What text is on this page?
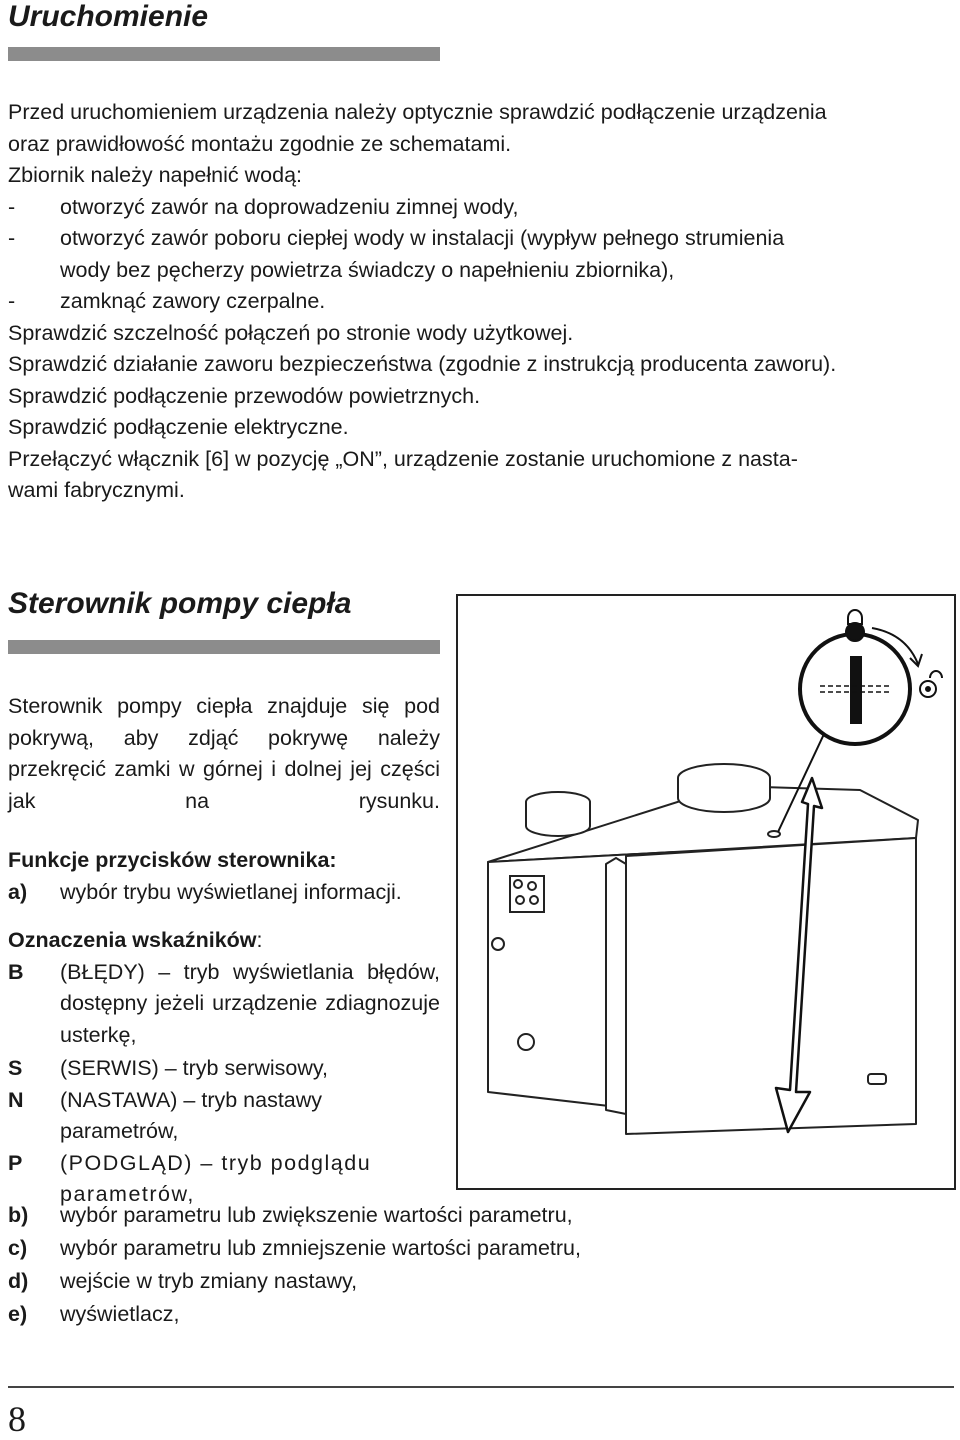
Uruchomienie
Przed uruchomieniem urządzenia należy optycznie sprawdzić podłączenie urządzenia
oraz prawidłowość montażu zgodnie ze schematami.
Zbiornik należy napełnić wodą:
- otworzyć zawór na doprowadzeniu zimnej wody,
- otworzyć zawór poboru ciepłej wody w instalacji (wypływ pełnego strumienia
wody bez pęcherzy powietrza świadczy o napełnieniu zbiornika),
- zamknąć zawory czerpalne.
Sprawdzić szczelność połączeń po stronie wody użytkowej.
Sprawdzić działanie zaworu bezpieczeństwa (zgodnie z instrukcją producenta zaworu).
Sprawdzić podłączenie przewodów powietrznych.
Sprawdzić podłączenie elektryczne.
Przełączyć włącznik [6] w pozycję „ON”, urządzenie zostanie uruchomione z nasta-
wami fabrycznymi.
Sterownik pompy ciepła
Sterownik pompy ciepła znajduje się pod pokrywą, aby zdjąć pokrywę należy przekręcić zamki w górnej i dolnej jej części jak na rysunku.
Funkcje przycisków sterownika:
a)	wybór trybu wyświetlanej informacji.
Oznaczenia wskaźników:
B	(BŁĘDY) – tryb wyświetlania błędów, dostępny jeżeli urządzenie zdiagnozuje usterkę,
S	(SERWIS) – tryb serwisowy,
N	(NASTAWA) – tryb nastawy parametrów,
P	(PODGLĄD) – tryb podglądu parametrów,
b)	wybór parametru lub zwiększenie wartości parametru,
c)	wybór parametru lub zmniejszenie wartości parametru,
d)	wejście w tryb zmiany nastawy,
e)	wyświetlacz,
8
